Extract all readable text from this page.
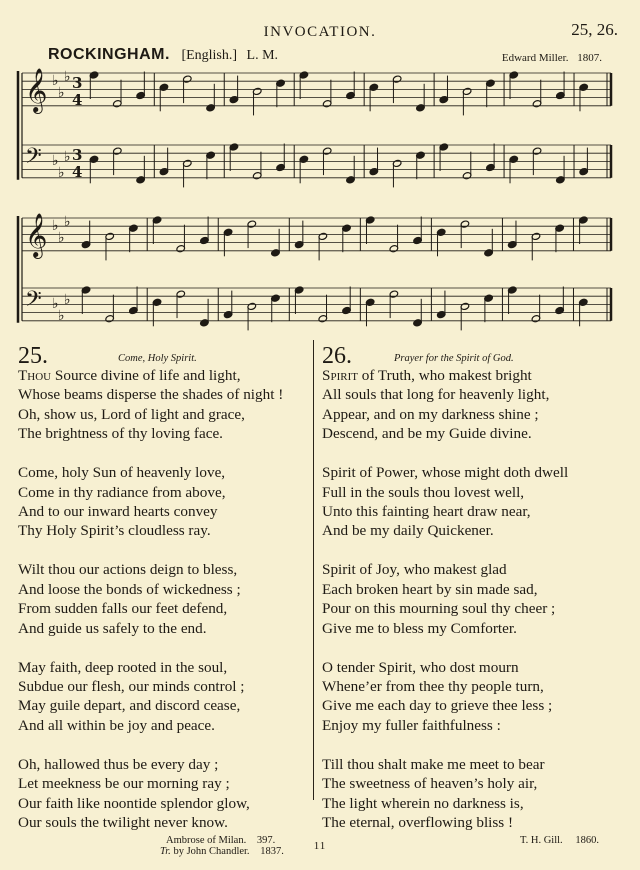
INVOCATION.	25, 26.
ROCKINGHAM. [English.] L. M.	Edward Miller. 1807.
𝄞 ♭
♭
♭ 3
4
𝄢 ♭
♭
♭ 3
4
𝄞 ♭
♭
♭
𝄢 ♭
♭
♭
25.	Come, Holy Spirit.
Thou Source divine of life and light,
Whose beams disperse the shades of night !
Oh, show us, Lord of light and grace,
The brightness of thy loving face.
Come, holy Sun of heavenly love,
Come in thy radiance from above,
And to our inward hearts convey
Thy Holy Spirit’s cloudless ray.
Wilt thou our actions deign to bless,
And loose the bonds of wickedness ;
From sudden falls our feet defend,
And guide us safely to the end.
May faith, deep rooted in the soul,
Subdue our flesh, our minds control ;
May guile depart, and discord cease,
And all within be joy and peace.
Oh, hallowed thus be every day ;
Let meekness be our morning ray ;
Our faith like noontide splendor glow,
Our souls the twilight never know.
Ambrose of Milan. 397.
Tr. by John Chandler. 1837.
26.	Prayer for the Spirit of God.
Spirit of Truth, who makest bright
All souls that long for heavenly light,
Appear, and on my darkness shine ;
Descend, and be my Guide divine.
Spirit of Power, whose might doth dwell
Full in the souls thou lovest well,
Unto this fainting heart draw near,
And be my daily Quickener.
Spirit of Joy, who makest glad
Each broken heart by sin made sad,
Pour on this mourning soul thy cheer ;
Give me to bless my Comforter.
O tender Spirit, who dost mourn
Whene’er from thee thy people turn,
Give me each day to grieve thee less ;
Enjoy my fuller faithfulness :
Till thou shalt make me meet to bear
The sweetness of heaven’s holy air,
The light wherein no darkness is,
The eternal, overflowing bliss !
T. H. Gill. 1860.
11
